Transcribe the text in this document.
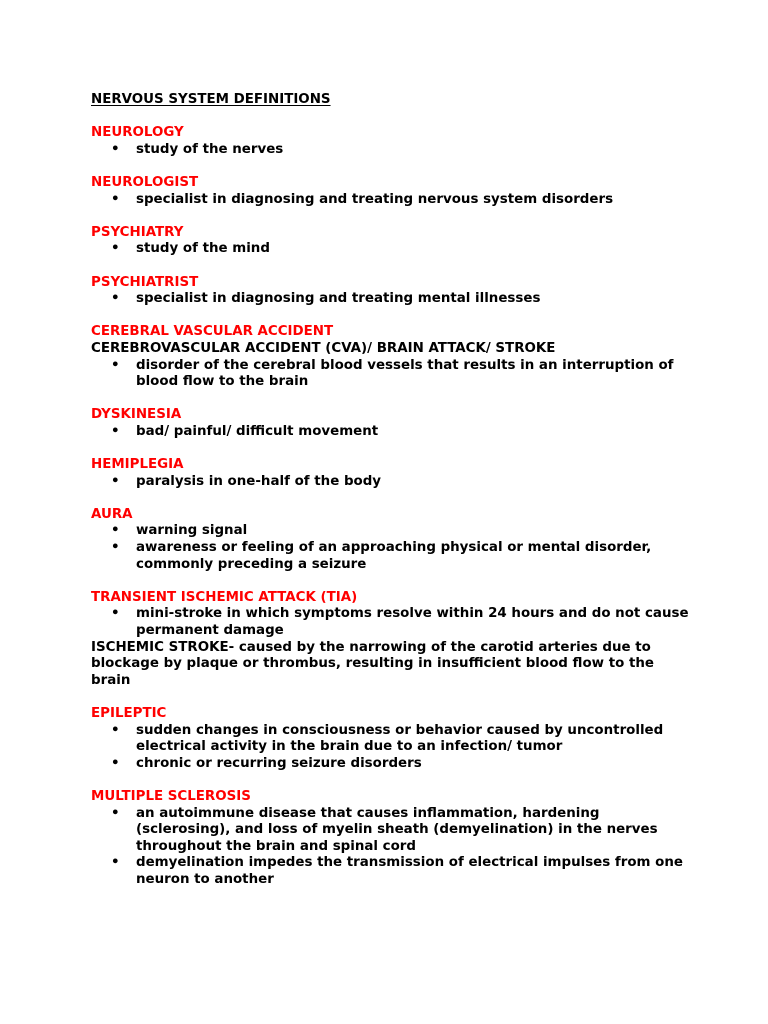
NERVOUS SYSTEM DEFINITIONS
NEUROLOGY
• study of the nerves
NEUROLOGIST
• specialist in diagnosing and treating nervous system disorders
PSYCHIATRY
• study of the mind
PSYCHIATRIST
• specialist in diagnosing and treating mental illnesses
CEREBRAL VASCULAR ACCIDENT
CEREBROVASCULAR ACCIDENT (CVA)/ BRAIN ATTACK/ STROKE
• disorder of the cerebral blood vessels that results in an interruption of blood flow to the brain
DYSKINESIA
• bad/ painful/ difficult movement
HEMIPLEGIA
• paralysis in one-half of the body
AURA
• warning signal
• awareness or feeling of an approaching physical or mental disorder, commonly preceding a seizure
TRANSIENT ISCHEMIC ATTACK (TIA)
• mini-stroke in which symptoms resolve within 24 hours and do not cause permanent damage
ISCHEMIC STROKE- caused by the narrowing of the carotid arteries due to blockage by plaque or thrombus, resulting in insufficient blood flow to the brain
EPILEPTIC
• sudden changes in consciousness or behavior caused by uncontrolled electrical activity in the brain due to an infection/ tumor
• chronic or recurring seizure disorders
MULTIPLE SCLEROSIS
• an autoimmune disease that causes inflammation, hardening (sclerosing), and loss of myelin sheath (demyelination) in the nerves throughout the brain and spinal cord
• demyelination impedes the transmission of electrical impulses from one neuron to another
